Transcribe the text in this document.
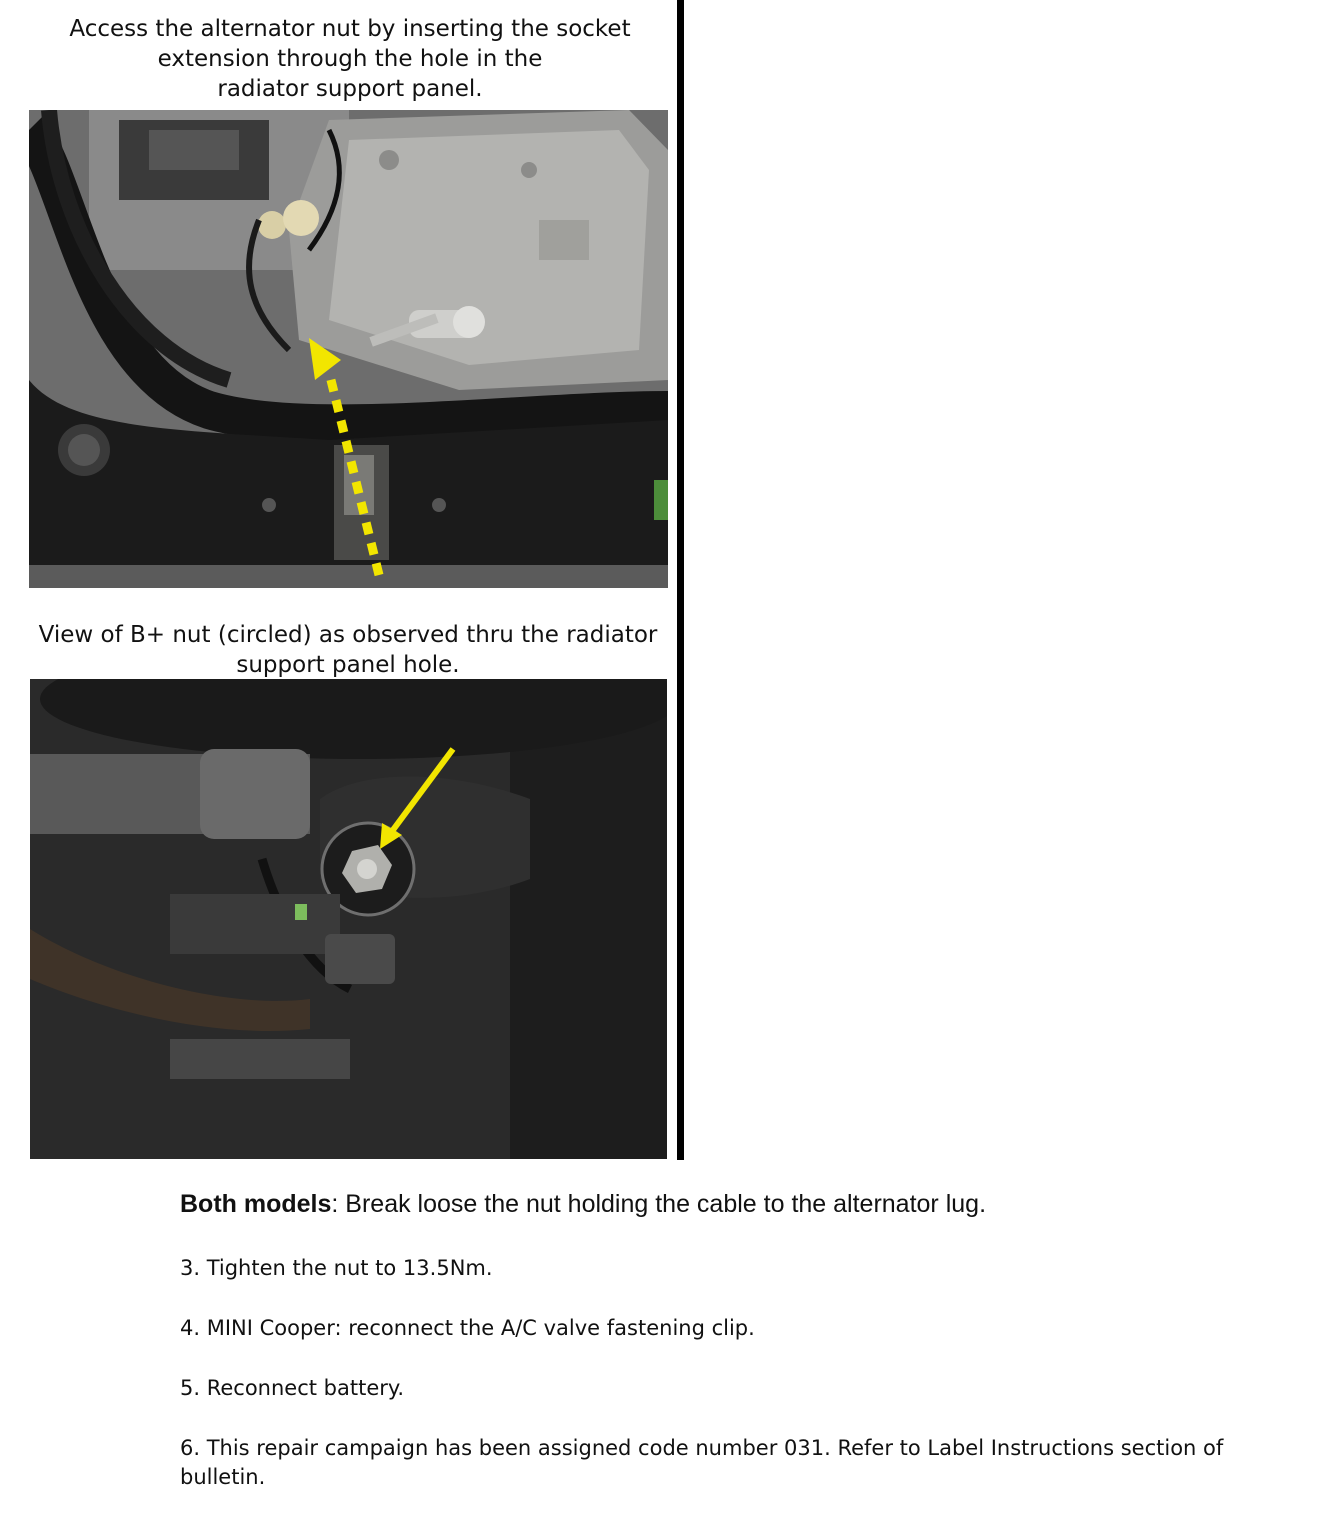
Access the alternator nut by inserting the socket
extension through the hole in the
radiator support panel.
View of B+ nut (circled) as observed thru the radiator
support panel hole.
Both models: Break loose the nut holding the cable to the alternator lug.
3. Tighten the nut to 13.5Nm.
4. MINI Cooper: reconnect the A/C valve fastening clip.
5. Reconnect battery.
6. This repair campaign has been assigned code number 031. Refer to Label Instructions section of bulletin.
